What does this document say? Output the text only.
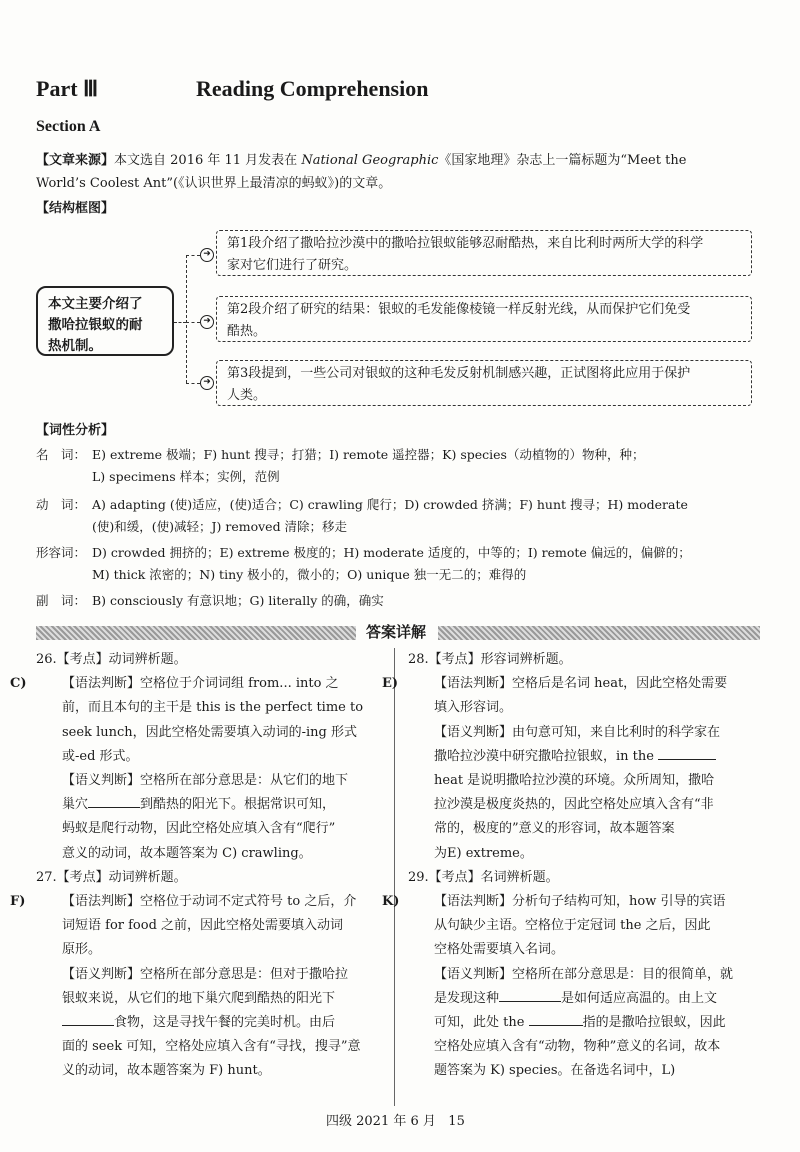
Part Ⅲ	Reading Comprehension
Section A
【文章来源】本文选自 2016 年 11 月发表在 National Geographic《国家地理》杂志上一篇标题为“Meet the
World’s Coolest Ant”(《认识世界上最清凉的蚂蚁》)的文章。
【结构框图】
本文主要介绍了
撒哈拉银蚁的耐
热机制。
➜
➜
➜
第1段介绍了撒哈拉沙漠中的撒哈拉银蚁能够忍耐酷热，来自比利时两所大学的科学
家对它们进行了研究。
第2段介绍了研究的结果：银蚁的毛发能像棱镜一样反射光线，从而保护它们免受
酷热。
第3段提到，一些公司对银蚁的这种毛发反射机制感兴趣，正试图将此应用于保护
人类。
【词性分析】
名　词： E) extreme 极端；F) hunt 搜寻；打猎；I) remote 遥控器；K) species（动植物的）物种，种；
L) specimens 样本；实例，范例
动　词： A) adapting (使)适应，(使)适合；C) crawling 爬行；D) crowded 挤满；F) hunt 搜寻；H) moderate
(使)和缓，(使)减轻；J) removed 清除；移走
形容词： D) crowded 拥挤的；E) extreme 极度的；H) moderate 适度的，中等的；I) remote 偏远的，偏僻的；
M) thick 浓密的；N) tiny 极小的，微小的；O) unique 独一无二的；难得的
副　词： B) consciously 有意识地；G) literally 的确，确实
答案详解
26.【考点】动词辨析题。
C)	【语法判断】空格位于介词词组 from... into 之
前，而且本句的主干是 this is the perfect time to
seek lunch，因此空格处需要填入动词的-ing 形式
或-ed 形式。
【语义判断】空格所在部分意思是：从它们的地下
巢穴	到酷热的阳光下。根据常识可知，
蚂蚁是爬行动物，因此空格处应填入含有“爬行”
意义的动词，故本题答案为 C) crawling。
27.【考点】动词辨析题。
F)	【语法判断】空格位于动词不定式符号 to 之后，介
词短语 for food 之前，因此空格处需要填入动词
原形。
【语义判断】空格所在部分意思是：但对于撒哈拉
银蚁来说，从它们的地下巢穴爬到酷热的阳光下
食物，这是寻找午餐的完美时机。由后
面的 seek 可知，空格处应填入含有“寻找，搜寻”意
义的动词，故本题答案为 F) hunt。
28.【考点】形容词辨析题。
E)	【语法判断】空格后是名词 heat，因此空格处需要
填入形容词。
【语义判断】由句意可知，来自比利时的科学家在
撒哈拉沙漠中研究撒哈拉银蚁，in the
heat 是说明撒哈拉沙漠的环境。众所周知，撒哈
拉沙漠是极度炎热的，因此空格处应填入含有“非
常的，极度的”意义的形容词，故本题答案
为E) extreme。
29.【考点】名词辨析题。
K)	【语法判断】分析句子结构可知，how 引导的宾语
从句缺少主语。空格位于定冠词 the 之后，因此
空格处需要填入名词。
【语义判断】空格所在部分意思是：目的很简单，就
是发现这种	是如何适应高温的。由上文
可知，此处 the	指的是撒哈拉银蚁，因此
空格处应填入含有“动物，物种”意义的名词，故本
题答案为 K) species。在备选名词中，L)
四级 2021 年 6 月 15
